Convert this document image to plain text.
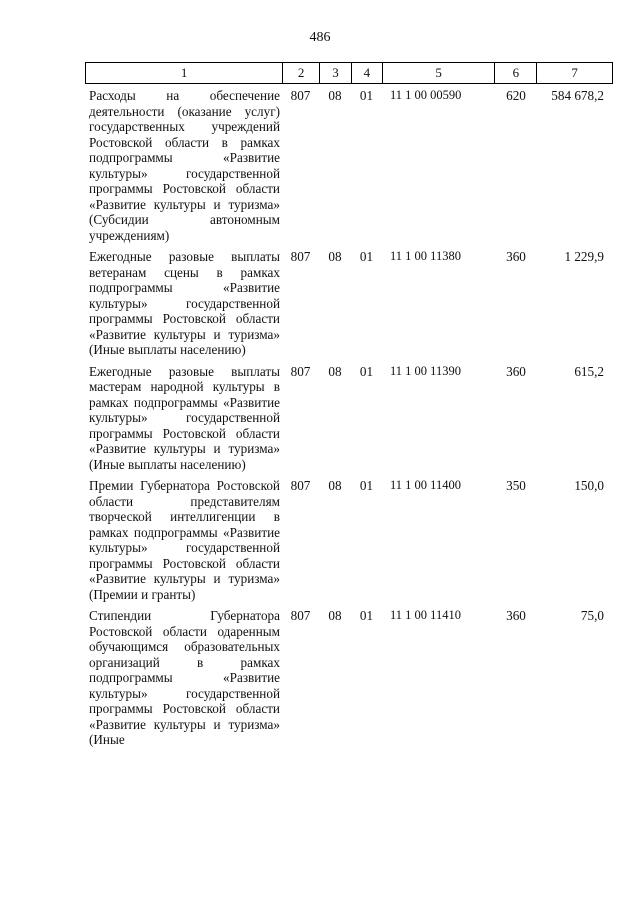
486
1	2	3	4	5	6	7
Расходы на обеспечение деятельности (оказание услуг) государственных учреждений Ростовской области в рамках подпрограммы «Развитие культуры» государственной программы Ростовской области «Развитие культуры и туризма» (Субсидии автономным учреждениям)
807	08	01	11 1 00 00590	620	584 678,2
Ежегодные разовые выплаты ветеранам сцены в рамках подпрограммы «Развитие культуры» государственной программы Ростовской области «Развитие культуры и туризма» (Иные выплаты населению)
807	08	01	11 1 00 11380	360	1 229,9
Ежегодные разовые выплаты мастерам народной культуры в рамках подпрограммы «Развитие культуры» государственной программы Ростовской области «Развитие культуры и туризма» (Иные выплаты населению)
807	08	01	11 1 00 11390	360	615,2
Премии Губернатора Ростовской области представителям творческой интеллигенции в рамках подпрограммы «Развитие культуры» государственной программы Ростовской области «Развитие культуры и туризма» (Премии и гранты)
807	08	01	11 1 00 11400	350	150,0
Стипендии Губернатора Ростовской области одаренным обучающимся образовательных организаций в рамках подпрограммы «Развитие культуры» государственной программы Ростовской области «Развитие культуры и туризма» (Иные
807	08	01	11 1 00 11410	360	75,0
